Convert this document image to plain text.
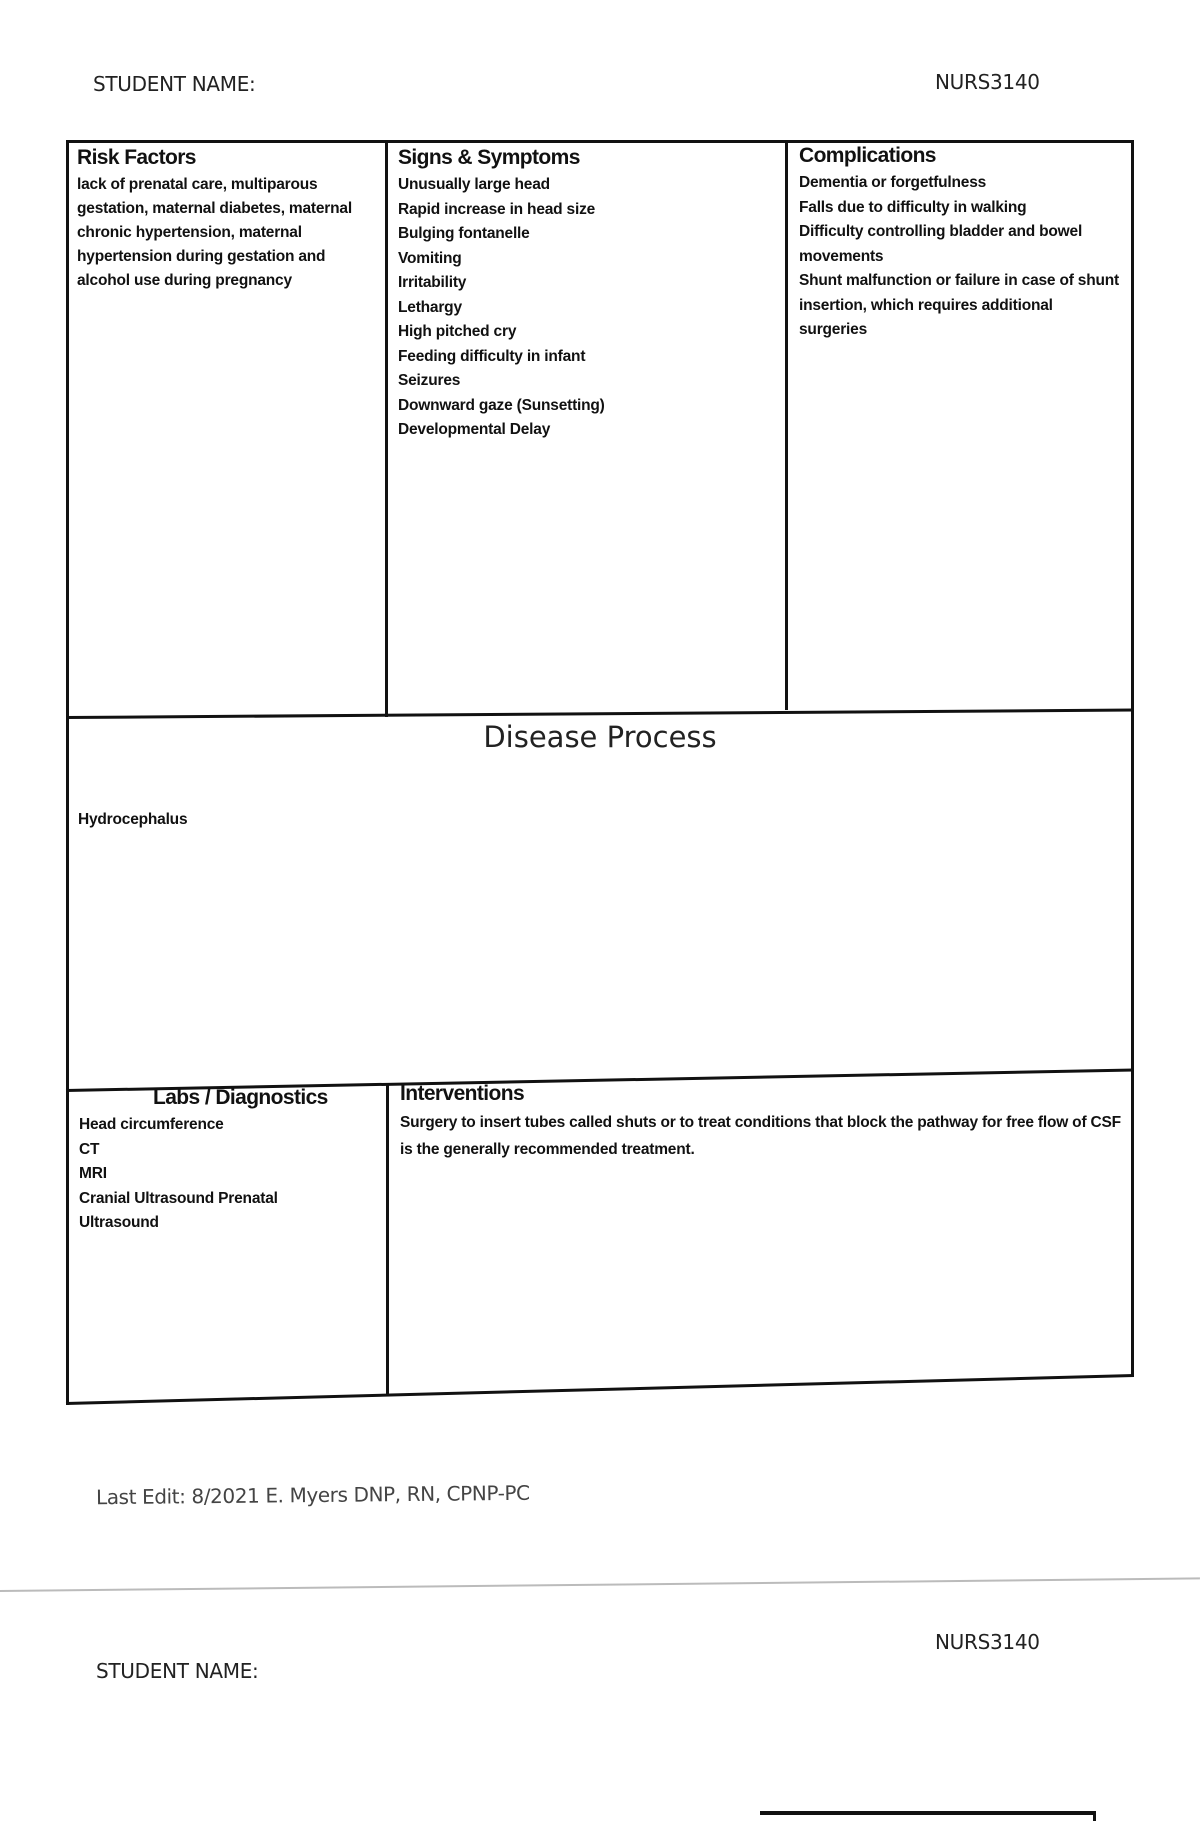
STUDENT NAME:	NURS3140
Risk Factors
lack of prenatal care, multiparous gestation, maternal diabetes, maternal chronic hypertension, maternal hypertension during gestation and alcohol use during pregnancy
Signs & Symptoms
Unusually large head
Rapid increase in head size
Bulging fontanelle
Vomiting
Irritability
Lethargy
High pitched cry
Feeding difficulty in infant
Seizures
Downward gaze (Sunsetting)
Developmental Delay
Complications
Dementia or forgetfulness
Falls due to difficulty in walking
Difficulty controlling bladder and bowel movements
Shunt malfunction or failure in case of shunt insertion, which requires additional surgeries
Disease Process
Hydrocephalus
Labs / Diagnostics
Head circumference
CT
MRI
Cranial Ultrasound Prenatal Ultrasound
Interventions
Surgery to insert tubes called shuts or to treat conditions that block the pathway for free flow of CSF is the generally recommended treatment.
Last Edit: 8/2021 E. Myers DNP, RN, CPNP-PC
STUDENT NAME:
NURS3140
